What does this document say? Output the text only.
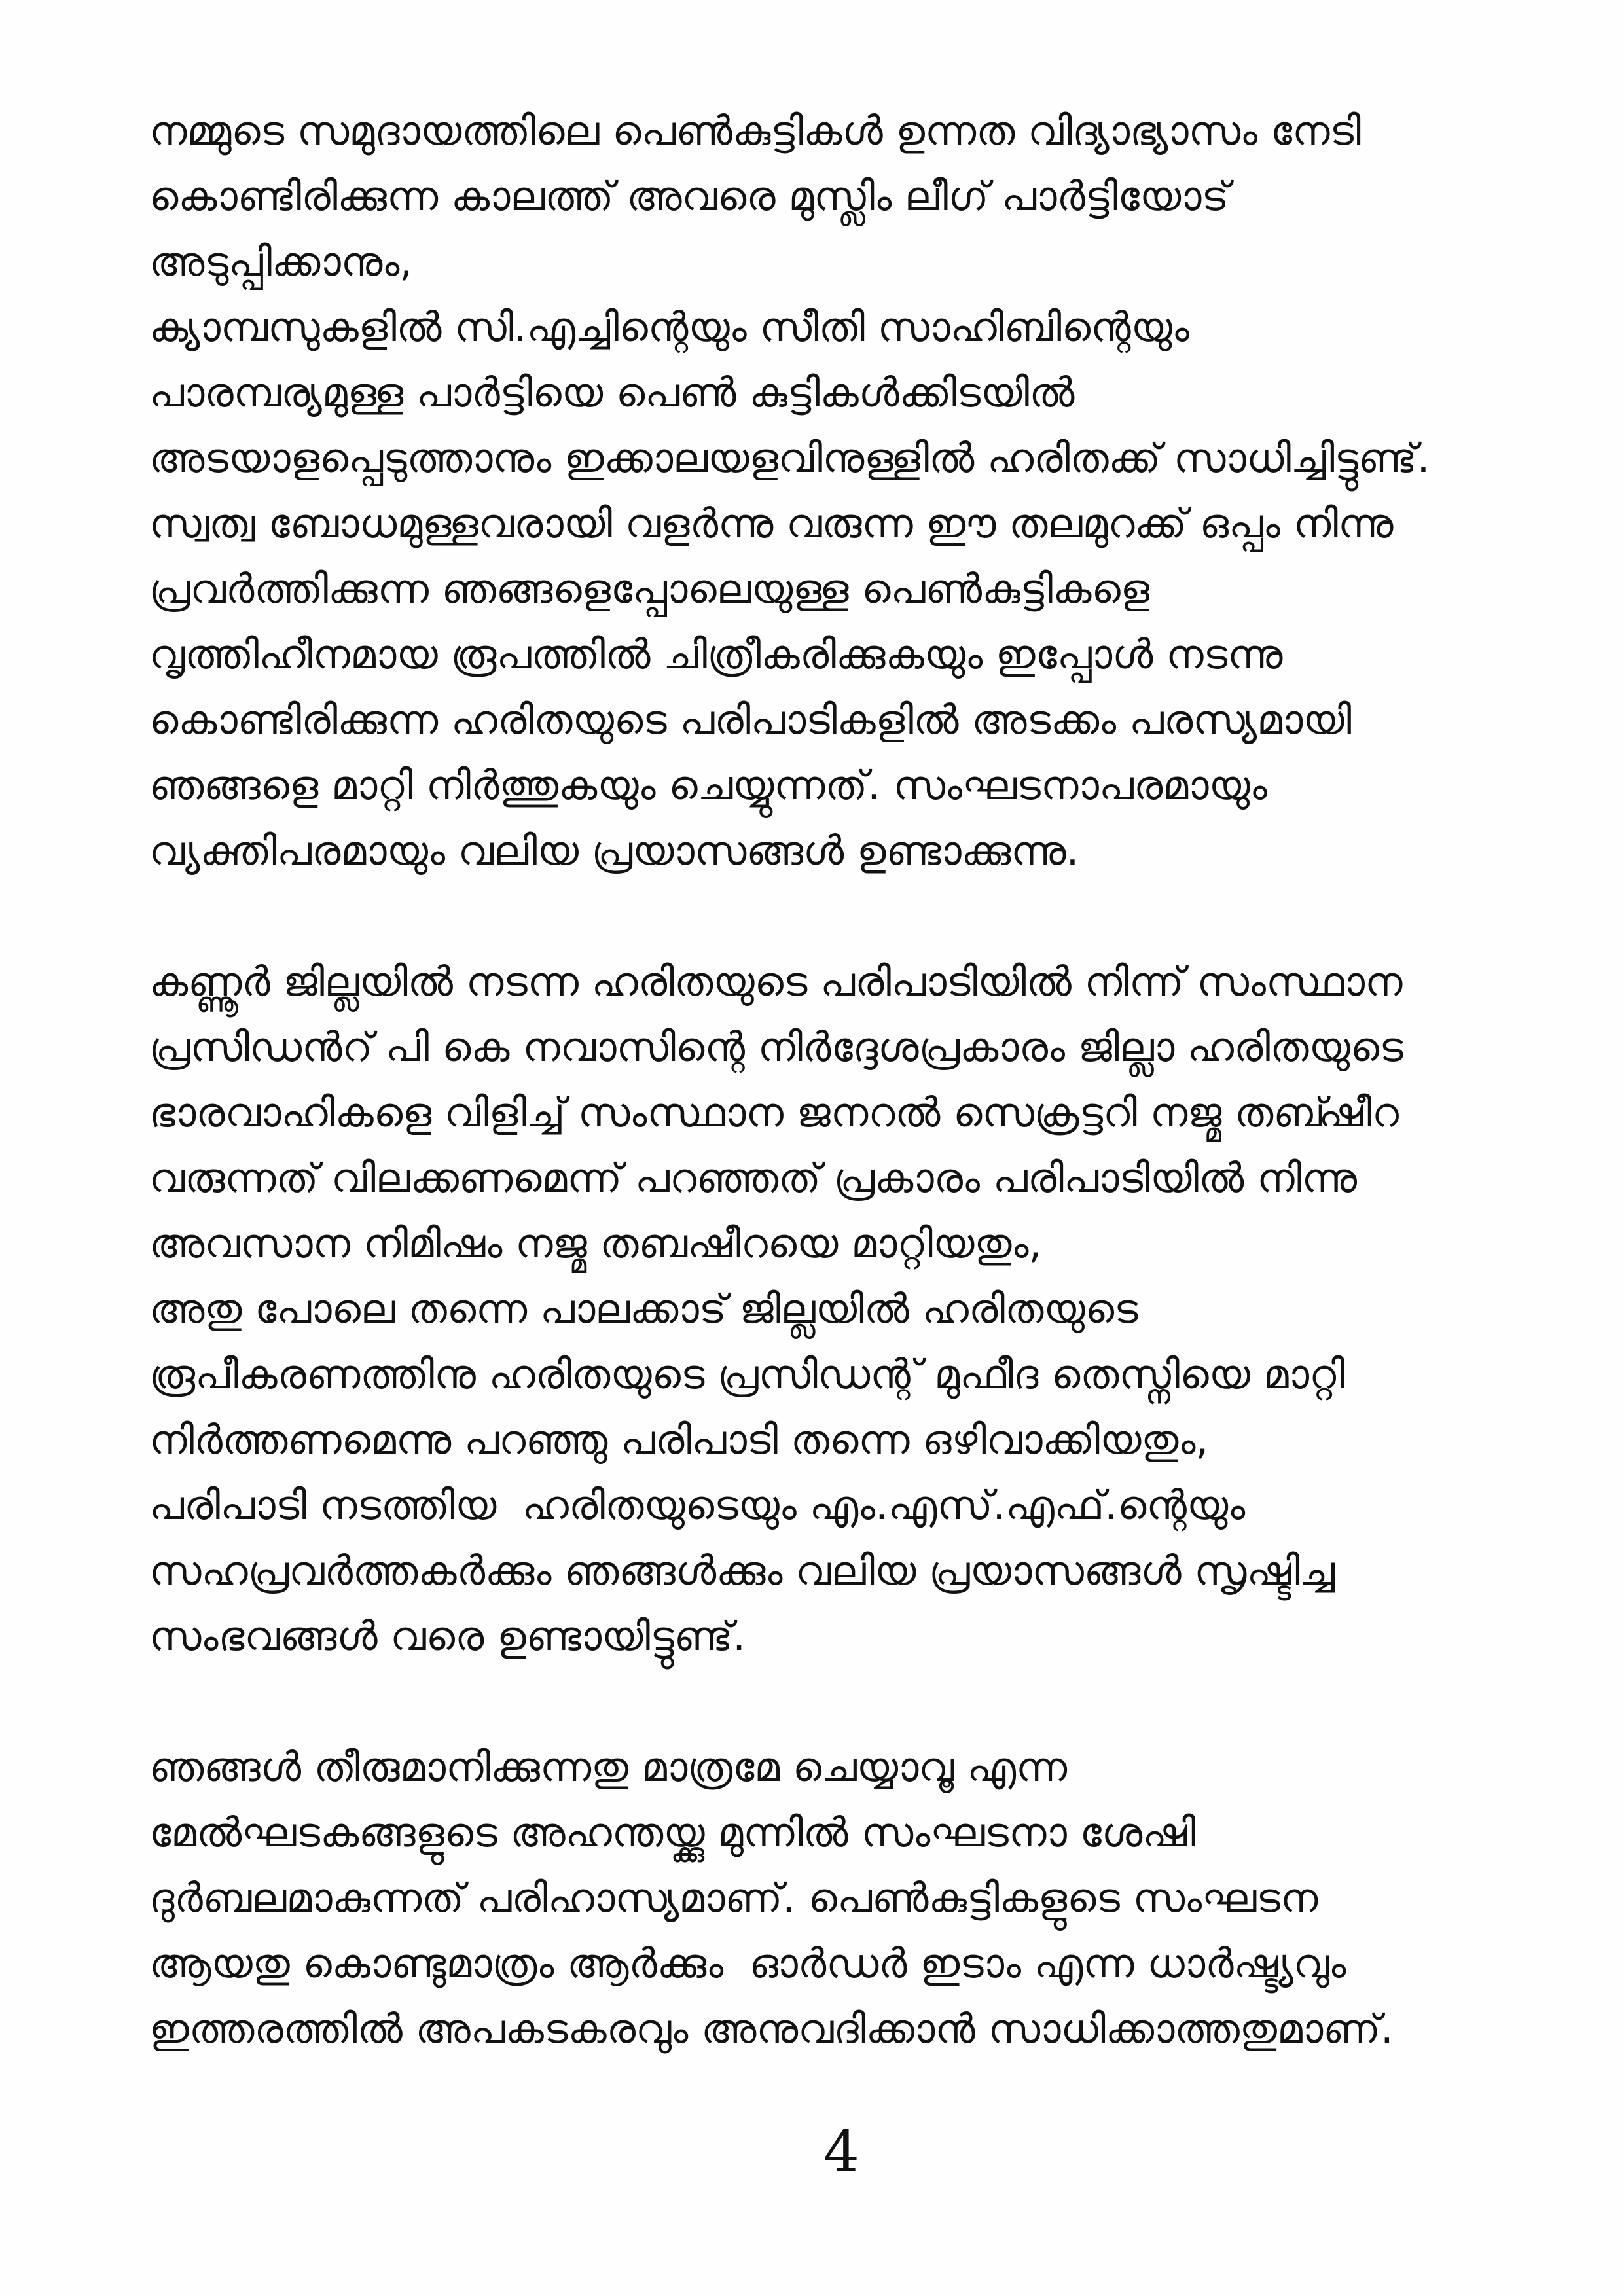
നമ്മുടെ സമുദായത്തിലെ പെൺകുട്ടികൾ ഉന്നത വിദ്യാഭ്യാസം നേടി
കൊണ്ടിരിക്കുന്ന കാലത്ത് അവരെ മുസ്ലിം ലീഗ് പാർട്ടിയോട്
അടുപ്പിക്കാനും,
ക്യാമ്പസുകളിൽ സി.എച്ചിന്റെയും സീതി സാഹിബിന്റെയും
പാരമ്പര്യമുള്ള പാർട്ടിയെ പെൺ കുട്ടികൾക്കിടയിൽ
അടയാളപ്പെടുത്താനും ഇക്കാലയളവിനുള്ളിൽ ഹരിതക്ക് സാധിച്ചിട്ടുണ്ട്.
സ്വത്വ ബോധമുള്ളവരായി വളർന്നു വരുന്ന ഈ തലമുറക്ക് ഒപ്പം നിന്നു
പ്രവർത്തിക്കുന്ന ഞങ്ങളെപ്പോലെയുള്ള പെൺകുട്ടികളെ
വൃത്തിഹീനമായ രൂപത്തിൽ ചിത്രീകരിക്കുകയും ഇപ്പോൾ നടന്നു
കൊണ്ടിരിക്കുന്ന ഹരിതയുടെ പരിപാടികളിൽ അടക്കം പരസ്യമായി
ഞങ്ങളെ മാറ്റി നിർത്തുകയും ചെയ്യുന്നത്. സംഘടനാപരമായും
വ്യക്തിപരമായും വലിയ പ്രയാസങ്ങൾ ഉണ്ടാക്കുന്നു.
കണ്ണൂർ ജില്ലയിൽ നടന്ന ഹരിതയുടെ പരിപാടിയിൽ നിന്ന് സംസ്ഥാന
പ്രസിഡൻറ് പി കെ നവാസിന്റെ നിർദ്ദേശപ്രകാരം ജില്ലാ ഹരിതയുടെ
ഭാരവാഹികളെ വിളിച്ച് സംസ്ഥാന ജനറൽ സെക്രട്ടറി നജ്മ തബ്ഷീറ
വരുന്നത് വിലക്കണമെന്ന് പറഞ്ഞത് പ്രകാരം പരിപാടിയിൽ നിന്നു
അവസാന നിമിഷം നജ്മ തബഷീറയെ മാറ്റിയതും,
അതു പോലെ തന്നെ പാലക്കാട് ജില്ലയിൽ ഹരിതയുടെ
രൂപീകരണത്തിനു ഹരിതയുടെ പ്രസിഡന്റ് മുഫീദ തെസ്നിയെ മാറ്റി
നിർത്തണമെന്നു പറഞ്ഞു പരിപാടി തന്നെ ഒഴിവാക്കിയതും,
പരിപാടി നടത്തിയ  ഹരിതയുടെയും എം.എസ്.എഫ്.ന്റെയും
സഹപ്രവർത്തകർക്കും ഞങ്ങൾക്കും വലിയ പ്രയാസങ്ങൾ സൃഷ്ടിച്ച
സംഭവങ്ങൾ വരെ ഉണ്ടായിട്ടുണ്ട്.
ഞങ്ങൾ തീരുമാനിക്കുന്നതു മാത്രമേ ചെയ്യാവൂ എന്ന
മേൽഘടകങ്ങളുടെ അഹന്തയ്ക്കു മുന്നിൽ സംഘടനാ ശേഷി
ദുർബലമാകുന്നത് പരിഹാസ്യമാണ്. പെൺകുട്ടികളുടെ സംഘടന
ആയതു കൊണ്ടുമാത്രം ആർക്കും  ഓർഡർ ഇടാം എന്ന ധാർഷ്ട്യവും
ഇത്തരത്തിൽ അപകടകരവും അനുവദിക്കാൻ സാധിക്കാത്തതുമാണ്.
4
